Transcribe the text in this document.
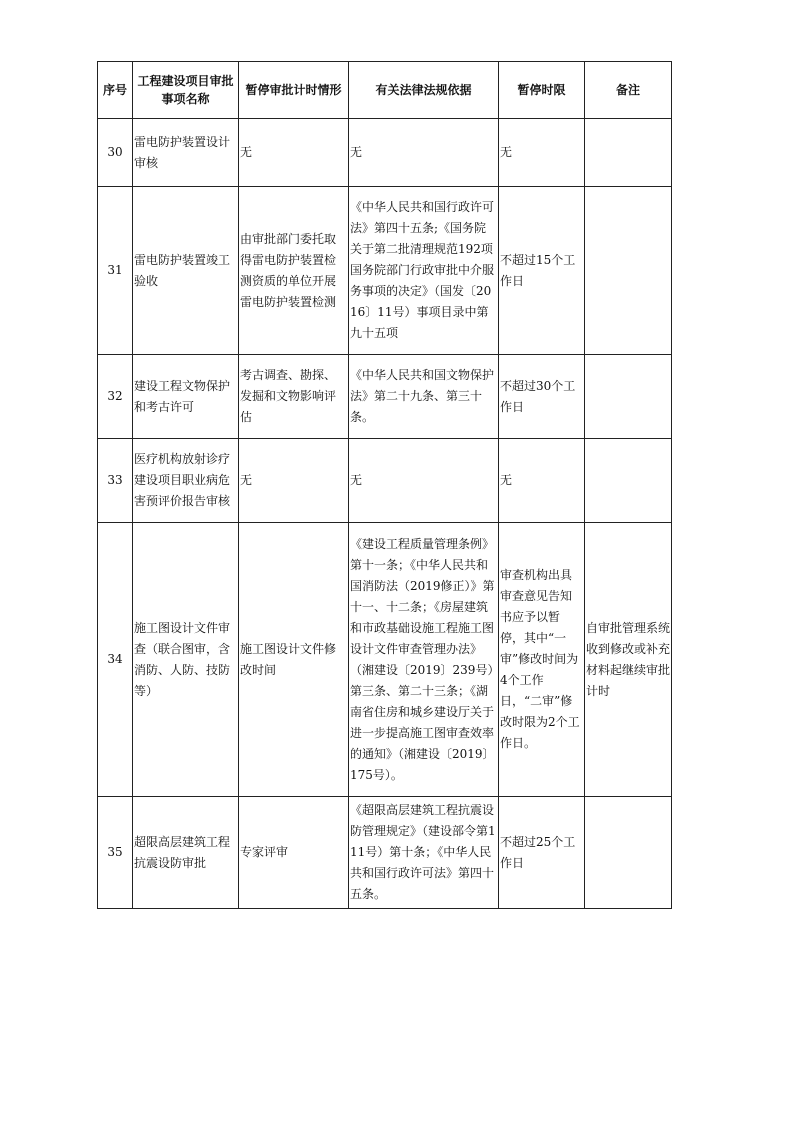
序号	工程建设项目审批事项名称	暂停审批计时情形	有关法律法规依据	暂停时限	备注
30	雷电防护装置设计审核	无	无	无	
31	雷电防护装置竣工验收	由审批部门委托取得雷电防护装置检测资质的单位开展雷电防护装置检测	《中华人民共和国行政许可法》第四十五条;《国务院关于第二批清理规范192项国务院部门行政审批中介服务事项的决定》（国发〔2016〕11号）事项目录中第九十五项	不超过15个工作日	
32	建设工程文物保护和考古许可	考古调查、勘探、发掘和文物影响评估	《中华人民共和国文物保护法》第二十九条、第三十条。	不超过30个工作日	
33	医疗机构放射诊疗建设项目职业病危害预评价报告审核	无	无	无	
34	施工图设计文件审查（联合图审，含消防、人防、技防等）	施工图设计文件修改时间	《建设工程质量管理条例》第十一条；《中华人民共和国消防法（2019修正）》第十一、十二条；《房屋建筑和市政基础设施工程施工图设计文件审查管理办法》（湘建设〔2019〕239号）第三条、第二十三条；《湖南省住房和城乡建设厅关于进一步提高施工图审查效率的通知》（湘建设〔2019〕175号）。	审查机构出具审查意见告知书应予以暂停，其中“一审”修改时间为4个工作日，“二审”修改时限为2个工作日。	自审批管理系统收到修改或补充材料起继续审批计时
35	超限高层建筑工程抗震设防审批	专家评审	《超限高层建筑工程抗震设防管理规定》（建设部令第111号）第十条；《中华人民共和国行政许可法》第四十五条。	不超过25个工作日	
